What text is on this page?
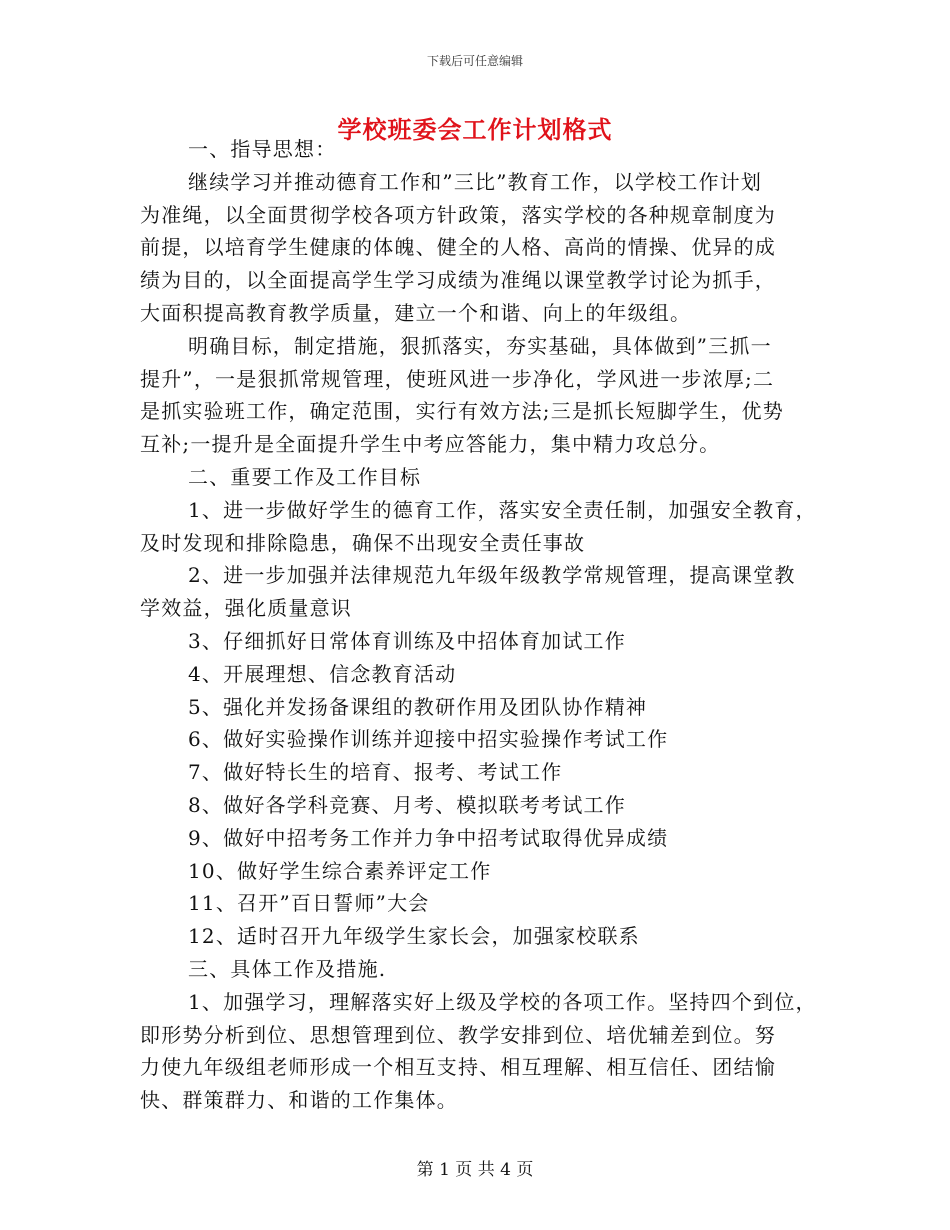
下载后可任意编辑
学校班委会工作计划格式
一、指导思想：
继续学习并推动德育工作和”三比”教育工作，以学校工作计划
为准绳，以全面贯彻学校各项方针政策，落实学校的各种规章制度为
前提，以培育学生健康的体魄、健全的人格、高尚的情操、优异的成
绩为目的，以全面提高学生学习成绩为准绳以课堂教学讨论为抓手，
大面积提高教育教学质量，建立一个和谐、向上的年级组。
明确目标，制定措施，狠抓落实，夯实基础，具体做到”三抓一
提升”，一是狠抓常规管理，使班风进一步净化，学风进一步浓厚;二
是抓实验班工作，确定范围，实行有效方法;三是抓长短脚学生，优势
互补;一提升是全面提升学生中考应答能力，集中精力攻总分。
二、重要工作及工作目标
1、进一步做好学生的德育工作，落实安全责任制，加强安全教育，
及时发现和排除隐患，确保不出现安全责任事故
2、进一步加强并法律规范九年级年级教学常规管理，提高课堂教
学效益，强化质量意识
3、仔细抓好日常体育训练及中招体育加试工作
4、开展理想、信念教育活动
5、强化并发扬备课组的教研作用及团队协作精神
6、做好实验操作训练并迎接中招实验操作考试工作
7、做好特长生的培育、报考、考试工作
8、做好各学科竞赛、月考、模拟联考考试工作
9、做好中招考务工作并力争中招考试取得优异成绩
10、做好学生综合素养评定工作
11、召开”百日誓师”大会
12、适时召开九年级学生家长会，加强家校联系
三、具体工作及措施.
1、加强学习，理解落实好上级及学校的各项工作。坚持四个到位，
即形势分析到位、思想管理到位、教学安排到位、培优辅差到位。努
力使九年级组老师形成一个相互支持、相互理解、相互信任、团结愉
快、群策群力、和谐的工作集体。
第 1 页 共 4 页
